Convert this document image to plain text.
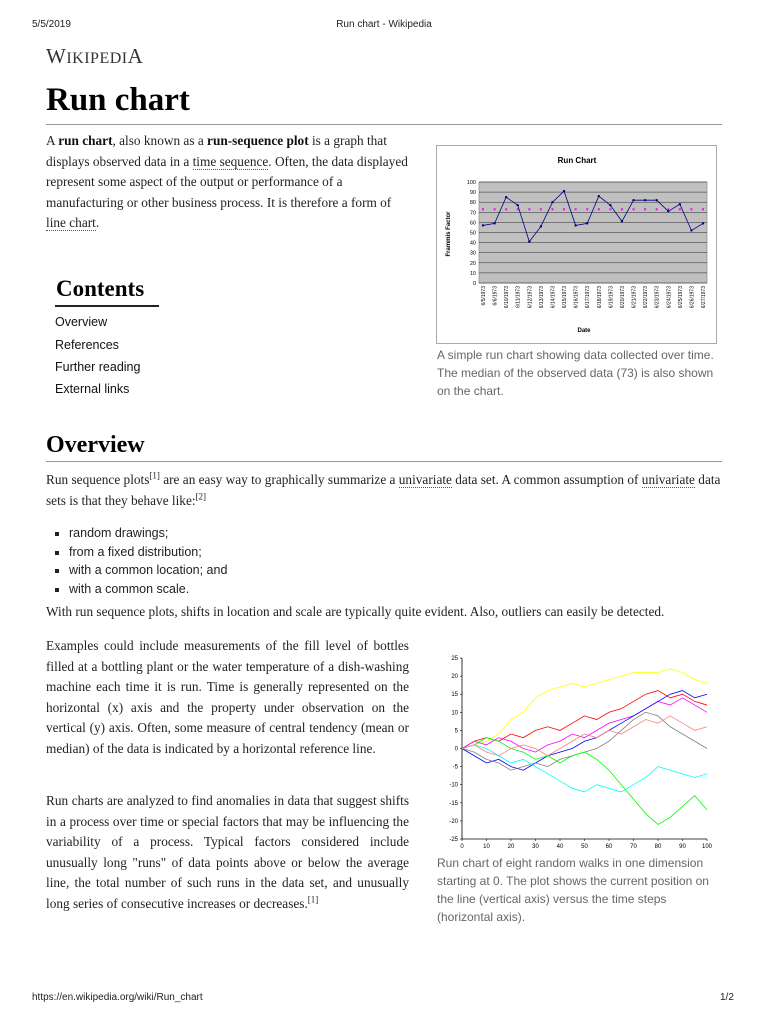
5/5/2019	Run chart - Wikipedia
WIKIPEDIA
Run chart
A run chart, also known as a run-sequence plot is a graph that displays observed data in a time sequence. Often, the data displayed represent some aspect of the output or performance of a manufacturing or other business process. It is therefore a form of line chart.
Contents
Overview
References
Further reading
External links
Run Chart
Frammis Factor
Date
0
10
20
30
40
50
60
70
80
90
100
6/5/1973 6/6/1973 6/10/1973 6/11/1973 6/12/1973 6/13/1973 6/14/1973 6/15/1973 6/16/1973 6/17/1973 6/18/1973 6/19/1973 6/20/1973 6/21/1973 6/22/1973 6/23/1973 6/24/1973 6/25/1973 6/26/1973 6/27/1973
A simple run chart showing data collected over time. The median of the observed data (73) is also shown on the chart.
Overview
Run sequence plots[1] are an easy way to graphically summarize a univariate data set. A common assumption of univariate data sets is that they behave like:[2]
random drawings;
from a fixed distribution;
with a common location; and
with a common scale.
With run sequence plots, shifts in location and scale are typically quite evident. Also, outliers can easily be detected.
Examples could include measurements of the fill level of bottles filled at a bottling plant or the water temperature of a dish-washing machine each time it is run. Time is generally represented on the horizontal (x) axis and the property under observation on the vertical (y) axis. Often, some measure of central tendency (mean or median) of the data is indicated by a horizontal reference line.
Run charts are analyzed to find anomalies in data that suggest shifts in a process over time or special factors that may be influencing the variability of a process. Typical factors considered include unusually long "runs" of data points above or below the average line, the total number of such runs in the data set, and unusually long series of consecutive increases or decreases.[1]
25
20
15
10
5
0
-5
-10
-15
-20
-25
0	10	20	30	40	50	60	70	80	90	100
Run chart of eight random walks in one dimension starting at 0. The plot shows the current position on the line (vertical axis) versus the time steps (horizontal axis).
https://en.wikipedia.org/wiki/Run_chart	1/2
